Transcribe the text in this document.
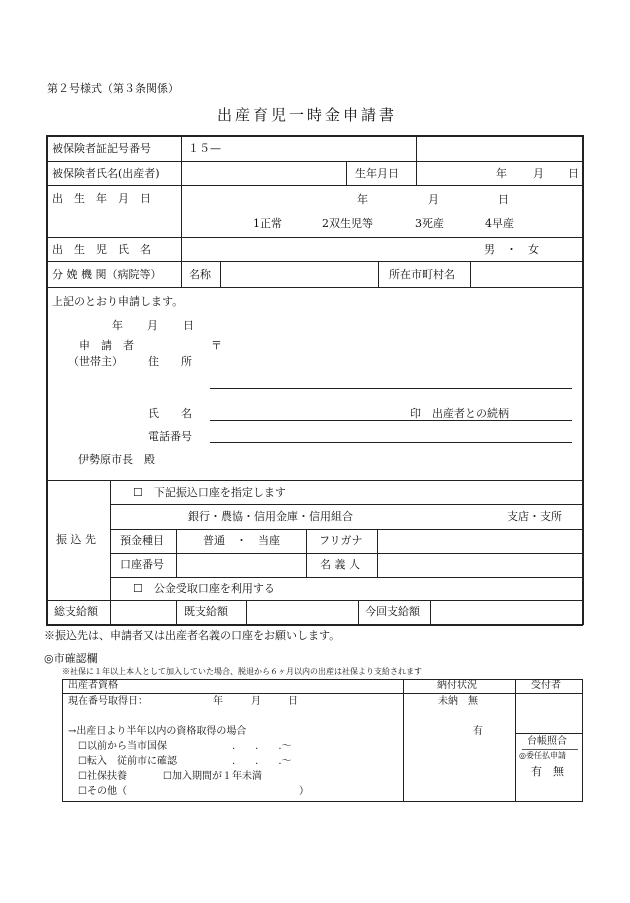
第２号様式（第３条関係）
出産育児一時金申請書
被保険者証記号番号	１５—
被保険者氏名(出産者)	生年月日	年 月 日
出　生　年　月　日	年	月	日
1正常	2双生児等	3死産	4早産
出　生　児　氏　名	男　・　女
分 娩 機 関（病院等）	名称	所在市町村名
上記のとおり申請します。
年 月 日
申　請　者
（世帯主） 住　　所
〒
氏　　名	印 出産者との続柄
電話番号
伊勢原市長　殿
振 込 先
☐　下記振込口座を指定します
銀行・農協・信用金庫・信用組合	支店・支所
預金種目	普通　・　当座	フリガナ
口座番号	名 義 人
☐　公金受取口座を利用する
総支給額	既支給額	今回支給額
※振込先は、申請者又は出産者名義の口座をお願いします。
◎市確認欄
※社保に１年以上本人として加入していた場合、脱退から６ヶ月以内の出産は社保より支給されます
出産者資格	納付状況	受付者
現在番号取得日：	年	月	日	未納　無
→出産日より半年以内の資格取得の場合	有
☐以前から当市国保	.　　.　　.〜
☐転入　従前市に確認	.　　.　　.〜
☐社保扶養	☐加入期間が１年未満
☐その他（	）
台帳照合
◎委任払申請
有　無
